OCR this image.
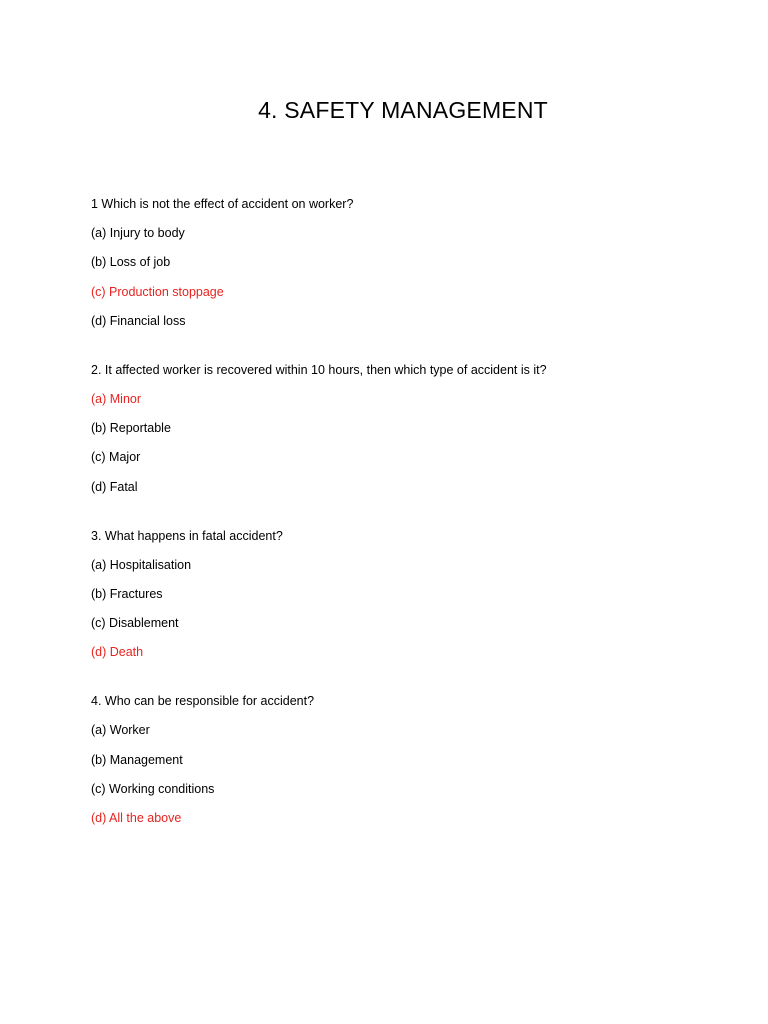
4. SAFETY MANAGEMENT
1 Which is not the effect of accident on worker?
(a) Injury to body
(b) Loss of job
(c) Production stoppage
(d) Financial loss
2. It affected worker is recovered within 10 hours, then which type of accident is it?
(a) Minor
(b) Reportable
(c) Major
(d) Fatal
3. What happens in fatal accident?
(a) Hospitalisation
(b) Fractures
(c) Disablement
(d) Death
4. Who can be responsible for accident?
(a) Worker
(b) Management
(c) Working conditions
(d) All the above
